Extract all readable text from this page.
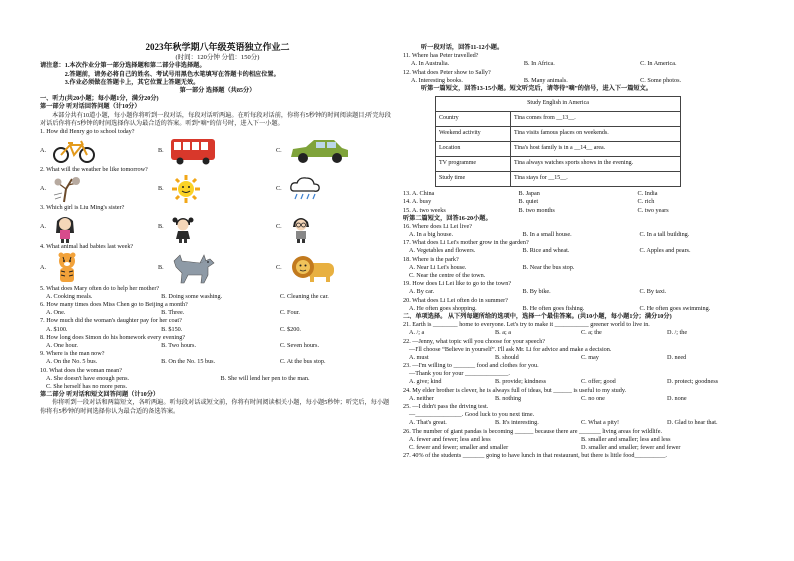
2023年秋学期八年级英语独立作业二
(时间：120分钟 分值：150分)
请注意： 1.本次作业分第一部分选择题和第二部分非选择题。
2.答题前，请务必将自己的姓名、考试号用黑色水笔填写在答题卡的相应位置。
3.作业必须做在答题卡上，其它位置上答题无效。
第一部分 选择题（共85分）
一、听力(共20小题；每小题1分，满分20分)
第一部分 听对话回答问题（计10分）
本部分共有10道小题，每小题你将听到一段对话，每段对话听两遍。在听每段对话前，你将有5秒钟的时间阅读题目;听完每段对话后你将有5秒钟的时间选择你认为最合适的答案。听到“嘀”的信号时，进入下一小题。
1. How did Henry go to school today?
A.	B.	C.
2. What will the weather be like tomorrow?
A.	B.	C.
3. Which girl is Liu Ming's sister?
A.	B.	C.
4. What animal had babies last week?
A.	B.	C.
5. What does Mary often do to help her mother?
A. Cooking meals.	B. Doing some washing.	C. Cleaning the car.
6. How many times does Miss Chen go to Beijing a month?
A. One.	B. Three.	C. Four.
7. How much did the woman's daughter pay for her coat?
A. $100.	B. $150.	C. $200.
8. How long does Simon do his homework every evening?
A. One hour.	B. Two hours.	C. Seven hours.
9. Where is the man now?
A. On the No. 5 bus.	B. On the No. 15 bus.	C. At the bus stop.
10. What does the woman mean?
A. She doesn't have enough pens.	B. She will lend her pen to the man.
C. She herself has no more pens.
第二部分 听对话和短文回答问题（计10分）
你将听到一段对话和两篇短文，各听两遍。听每段对话或短文前，你将有时间阅读相关小题，每小题5秒钟；听完后，每小题你将有5秒钟的时间选择你认为最合适的备选答案。
听一段对话，回答11-12小题。
11. Where has Peter travelled?
A. In Australia.	B. In Africa.	C. In America.
12. What does Peter show to Sally?
A. Interesting books.	B. Many animals.	C. Some photos.
听第一篇短文，回答13-15小题。短文听完后，请等待“嘀”的信号，进入下一篇短文。
Study English in America	
Country	Tina comes from __13__.
Weekend activity	Tina visits famous places on weekends.
Location	Tina's host family is in a __14__ area.
TV programme	Tina always watches sports shows in the evening.
Study time	Tina stays for __15__.
13. A. China	B. Japan	C. India
14. A. busy	B. quiet	C. rich
15. A. two weeks	B. two months	C. two years
听第二篇短文，回答16-20小题。
16. Where does Li Lei live?
A. In a big house.	B. In a small house.	C. In a tall building.
17. What does Li Lei's mother grow in the garden?
A. Vegetables and flowers.	B. Rice and wheat.	C. Apples and pears.
18. Where is the park?
A. Near Li Lei's house.	B. Near the bus stop.
C. Near the centre of the town.
19. How does Li Lei like to go to the town?
A. By car.	B. By bike.	C. By taxi.
20. What does Li Lei often do in summer?
A. He often goes shopping.	B. He often goes fishing.	C. He often goes swimming.
二、单项选择。 从下列每题所给的选项中，选择一个最佳答案。(共10小题，每小题1分；满分10分)
21. Earth is ________ home to everyone. Let's try to make it ___________ greener world to live in.
A. /; a	B. a; a	C. a; the	D. /; the
22. —Jenny, what topic will you choose for your speech?
—I'll choose “Believe in yourself”. I'll ask Mr. Li for advice and make a decision.
A. must	B. should	C. may	D. need
23. —I'm willing to _______ food and clothes for you.
—Thank you for your ______________.
A. give; kind	B. provide; kindness	C. offer; good	D. protect; goodness
24. My elder brother is clever, he is always full of ideas, but ______ is useful to my study.
A. neither	B. nothing	C. no one	D. none
25. —I didn't pass the driving test.
—_______________. Good luck to you next time.
A. That's great.	B. It's interesting.	C. What a pity!	D. Glad to hear that.
26. The number of giant pandas is becoming ______ because there are _______ living areas for wildlife.
A. fewer and fewer; less and less	B. smaller and smaller; less and less
C. fewer and fewer; smaller and smaller	D. smaller and smaller; fewer and fewer
27. 40% of the students _______ going to have lunch in that restaurant, but there is little food__________.
